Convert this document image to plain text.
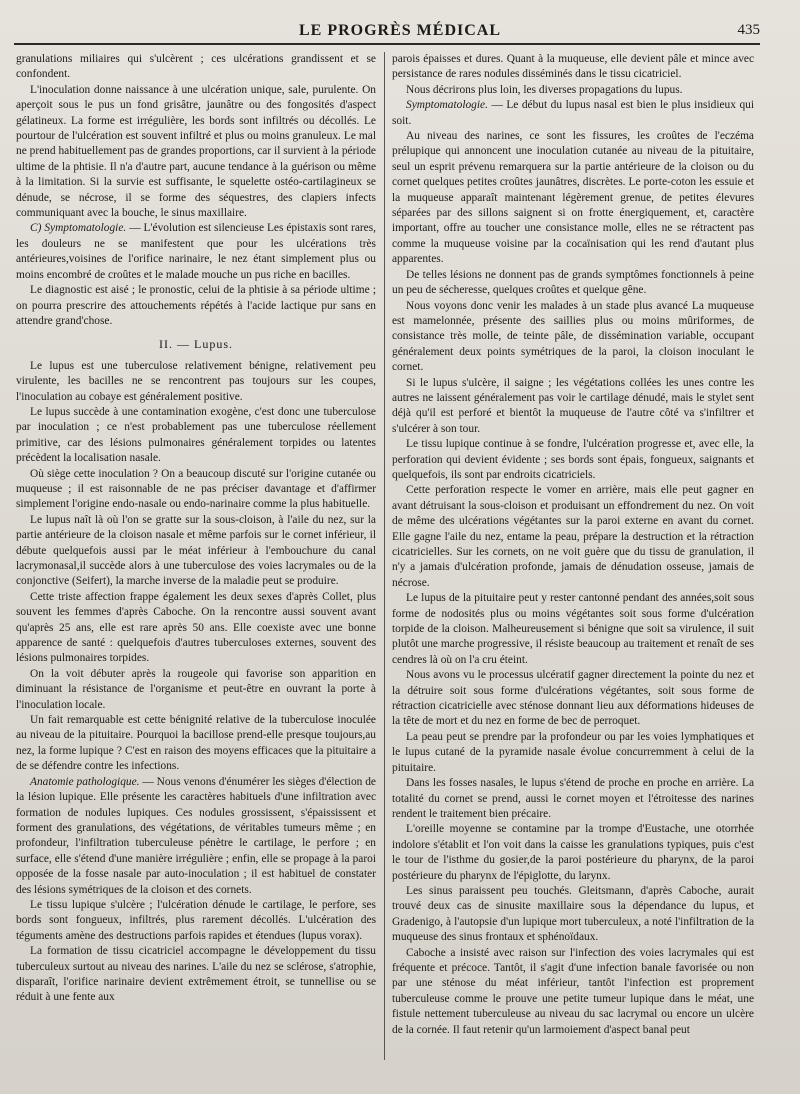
LE PROGRÈS MÉDICAL	435

granulations miliaires qui s'ulcèrent ; ces ulcérations grandissent et se confondent.

L'inoculation donne naissance à une ulcération unique, sale, purulente. On aperçoit sous le pus un fond grisâtre, jaunâtre ou des fongosités d'aspect gélatineux. La forme est irrégulière, les bords sont infiltrés ou décollés. Le pourtour de l'ulcération est souvent infiltré et plus ou moins granuleux. Le mal ne prend habituellement pas de grandes proportions, car il survient à la période ultime de la phtisie. Il n'a d'autre part, aucune tendance à la guérison ou même à la limitation. Si la survie est suffisante, le squelette ostéo-cartilagineux se dénude, se nécrose, il se forme des séquestres, des clapiers infects communiquant avec la bouche, le sinus maxillaire.

C) Symptomatologie. — L'évolution est silencieuse Les épistaxis sont rares, les douleurs ne se manifestent que pour les ulcérations très antérieures,voisines de l'orifice narinaire, le nez étant simplement plus ou moins encombré de croûtes et le malade mouche un pus riche en bacilles.

Le diagnostic est aisé ; le pronostic, celui de la phtisie à sa période ultime ; on pourra prescrire des attouchements répétés à l'acide lactique pur sans en attendre grand'chose.

II. — Lupus.

Le lupus est une tuberculose relativement bénigne, relativement peu virulente, les bacilles ne se rencontrent pas toujours sur les coupes, l'inoculation au cobaye est généralement positive.

Le lupus succède à une contamination exogène, c'est donc une tuberculose par inoculation ; ce n'est probablement pas une tuberculose réellement primitive, car des lésions pulmonaires généralement torpides ou latentes précèdent la localisation nasale.

Où siège cette inoculation ? On a beaucoup discuté sur l'origine cutanée ou muqueuse ; il est raisonnable de ne pas préciser davantage et d'affirmer simplement l'origine endo-nasale ou endo-narinaire comme la plus habituelle.

Le lupus naît là où l'on se gratte sur la sous-cloison, à l'aile du nez, sur la partie antérieure de la cloison nasale et même parfois sur le cornet inférieur, il débute quelquefois aussi par le méat inférieur à l'embouchure du canal lacrymonasal,il succède alors à une tuberculose des voies lacrymales ou de la conjonctive (Seifert), la marche inverse de la maladie peut se produire.

Cette triste affection frappe également les deux sexes d'après Collet, plus souvent les femmes d'après Caboche. On la rencontre aussi souvent avant qu'après 25 ans, elle est rare après 50 ans. Elle coexiste avec une bonne apparence de santé : quelquefois d'autres tuberculoses externes, souvent des lésions pulmonaires torpides.

On la voit débuter après la rougeole qui favorise son apparition en diminuant la résistance de l'organisme et peut-être en ouvrant la porte à l'inoculation locale.

Un fait remarquable est cette bénignité relative de la tuberculose inoculée au niveau de la pituitaire. Pourquoi la bacillose prend-elle presque toujours,au nez, la forme lupique ? C'est en raison des moyens efficaces que la pituitaire a de se défendre contre les infections.

Anatomie pathologique. — Nous venons d'énumérer les sièges d'élection de la lésion lupique. Elle présente les caractères habituels d'une infiltration avec formation de nodules lupiques. Ces nodules grossissent, s'épaississent et forment des granulations, des végétations, de véritables tumeurs même ; en profondeur, l'infiltration tuberculeuse pénètre le cartilage, le perfore ; en surface, elle s'étend d'une manière irrégulière ; enfin, elle se propage à la paroi opposée de la fosse nasale par auto-inoculation ; il est habituel de constater des lésions symétriques de la cloison et des cornets.

Le tissu lupique s'ulcère ; l'ulcération dénude le cartilage, le perfore, ses bords sont fongueux, infiltrés, plus rarement décollés. L'ulcération des téguments amène des destructions parfois rapides et étendues (lupus vorax).

La formation de tissu cicatriciel accompagne le développement du tissu tuberculeux surtout au niveau des narines. L'aile du nez se sclérose, s'atrophie, disparaît, l'orifice narinaire devient extrêmement étroit, se tunnellise ou se réduit à une fente aux

parois épaisses et dures. Quant à la muqueuse, elle devient pâle et mince avec persistance de rares nodules disséminés dans le tissu cicatriciel.

Nous décrirons plus loin, les diverses propagations du lupus.

Symptomatologie. — Le début du lupus nasal est bien le plus insidieux qui soit.

Au niveau des narines, ce sont les fissures, les croûtes de l'eczéma prélupique qui annoncent une inoculation cutanée au niveau de la pituitaire, seul un esprit prévenu remarquera sur la partie antérieure de la cloison ou du cornet quelques petites croûtes jaunâtres, discrètes. Le porte-coton les essuie et la muqueuse apparaît maintenant légèrement grenue, de petites élevures séparées par des sillons saignent si on frotte énergiquement, et, caractère important, offre au toucher une consistance molle, elles ne se rétractent pas comme la muqueuse voisine par la cocaïnisation qui les rend d'autant plus apparentes.

De telles lésions ne donnent pas de grands symptômes fonctionnels à peine un peu de sécheresse, quelques croûtes et quelque gêne.

Nous voyons donc venir les malades à un stade plus avancé La muqueuse est mamelonnée, présente des saillies plus ou moins mûriformes, de consistance très molle, de teinte pâle, de dissémination variable, occupant généralement deux points symétriques de la paroi, la cloison inoculant le cornet.

Si le lupus s'ulcère, il saigne ; les végétations collées les unes contre les autres ne laissent généralement pas voir le cartilage dénudé, mais le stylet sent déjà qu'il est perforé et bientôt la muqueuse de l'autre côté va s'infiltrer et s'ulcérer à son tour.

Le tissu lupique continue à se fondre, l'ulcération progresse et, avec elle, la perforation qui devient évidente ; ses bords sont épais, fongueux, saignants et quelquefois, ils sont par endroits cicatriciels.

Cette perforation respecte le vomer en arrière, mais elle peut gagner en avant détruisant la sous-cloison et produisant un effondrement du nez. On voit de même des ulcérations végétantes sur la paroi externe en avant du cornet. Elle gagne l'aile du nez, entame la peau, prépare la destruction et la rétraction cicatricielles. Sur les cornets, on ne voit guère que du tissu de granulation, il n'y a jamais d'ulcération profonde, jamais de dénudation osseuse, jamais de nécrose.

Le lupus de la pituitaire peut y rester cantonné pendant des années,soit sous forme de nodosités plus ou moins végétantes soit sous forme d'ulcération torpide de la cloison. Malheureusement si bénigne que soit sa virulence, il suit plutôt une marche progressive, il résiste beaucoup au traitement et renaît de ses cendres là où on l'a cru éteint.

Nous avons vu le processus ulcératif gagner directement la pointe du nez et la détruire soit sous forme d'ulcérations végétantes, soit sous forme de rétraction cicatricielle avec sténose donnant lieu aux déformations hideuses de la tête de mort et du nez en forme de bec de perroquet.

La peau peut se prendre par la profondeur ou par les voies lymphatiques et le lupus cutané de la pyramide nasale évolue concurremment à celui de la pituitaire.

Dans les fosses nasales, le lupus s'étend de proche en proche en arrière. La totalité du cornet se prend, aussi le cornet moyen et l'étroitesse des narines rendent le traitement bien précaire.

L'oreille moyenne se contamine par la trompe d'Eustache, une otorrhée indolore s'établit et l'on voit dans la caisse les granulations typiques, puis c'est le tour de l'isthme du gosier,de la paroi postérieure du pharynx, de la paroi postérieure du pharynx de l'épiglotte, du larynx.

Les sinus paraissent peu touchés. Gleitsmann, d'après Caboche, aurait trouvé deux cas de sinusite maxillaire sous la dépendance du lupus, et Gradenigo, à l'autopsie d'un lupique mort tuberculeux, a noté l'infiltration de la muqueuse des sinus frontaux et sphénoïdaux.

Caboche a insisté avec raison sur l'infection des voies lacrymales qui est fréquente et précoce. Tantôt, il s'agit d'une infection banale favorisée ou non par une sténose du méat inférieur, tantôt l'infection est proprement tuberculeuse comme le prouve une petite tumeur lupique dans le méat, une fistule nettement tuberculeuse au niveau du sac lacrymal ou encore un ulcère de la cornée. Il faut retenir qu'un larmoiement d'aspect banal peut
